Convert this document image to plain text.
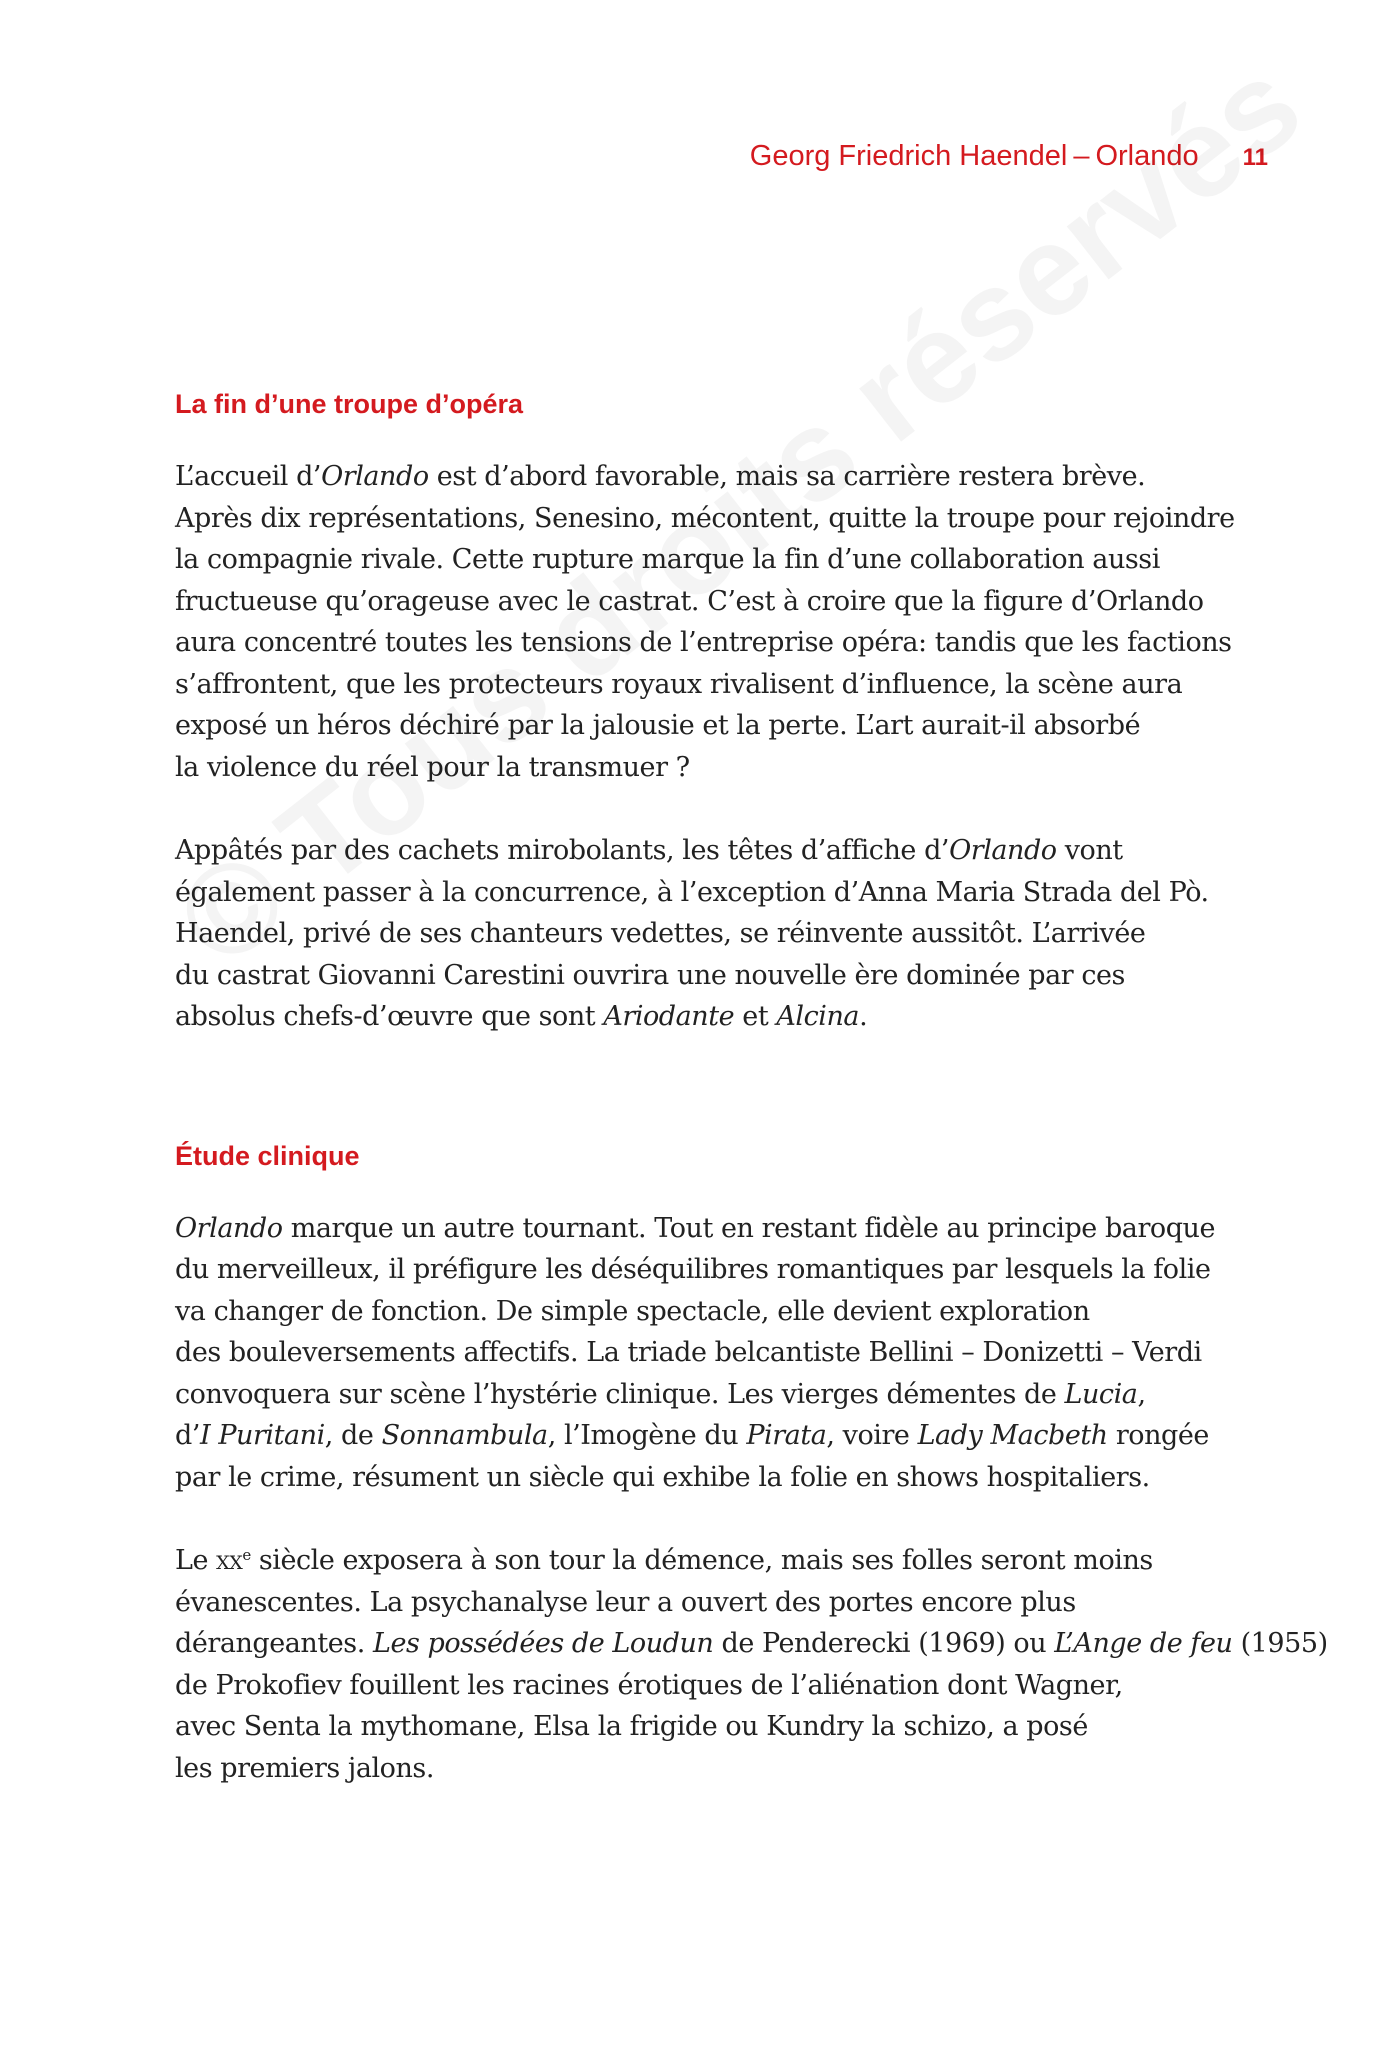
Georg Friedrich Haendel – Orlando 11
La fin d’une troupe d’opéra

L’accueil d’Orlando est d’abord favorable, mais sa carrière restera brève.
Après dix représentations, Senesino, mécontent, quitte la troupe pour rejoindre
la compagnie rivale. Cette rupture marque la fin d’une collaboration aussi
fructueuse qu’orageuse avec le castrat. C’est à croire que la figure d’Orlando
aura concentré toutes les tensions de l’entreprise opéra: tandis que les factions
s’affrontent, que les protecteurs royaux rivalisent d’influence, la scène aura
exposé un héros déchiré par la jalousie et la perte. L’art aurait-il absorbé
la violence du réel pour la transmuer ?

Appâtés par des cachets mirobolants, les têtes d’affiche d’Orlando vont
également passer à la concurrence, à l’exception d’Anna Maria Strada del Pò.
Haendel, privé de ses chanteurs vedettes, se réinvente aussitôt. L’arrivée
du castrat Giovanni Carestini ouvrira une nouvelle ère dominée par ces
absolus chefs-d’œuvre que sont Ariodante et Alcina.

Étude clinique

Orlando marque un autre tournant. Tout en restant fidèle au principe baroque
du merveilleux, il préfigure les déséquilibres romantiques par lesquels la folie
va changer de fonction. De simple spectacle, elle devient exploration
des bouleversements affectifs. La triade belcantiste Bellini – Donizetti – Verdi
convoquera sur scène l’hystérie clinique. Les vierges démentes de Lucia,
d’I Puritani, de Sonnambula, l’Imogène du Pirata, voire Lady Macbeth rongée
par le crime, résument un siècle qui exhibe la folie en shows hospitaliers.

Le $xx^e$ siècle exposera à son tour la démence, mais ses folles seront moins
évanescentes. La psychanalyse leur a ouvert des portes encore plus
dérangeantes. Les possédées de Loudun de Penderecki (1969) ou L’Ange de feu (1955)
de Prokofiev fouillent les racines érotiques de l’aliénation dont Wagner,
avec Senta la mythomane, Elsa la frigide ou Kundry la schizo, a posé
les premiers jalons.
